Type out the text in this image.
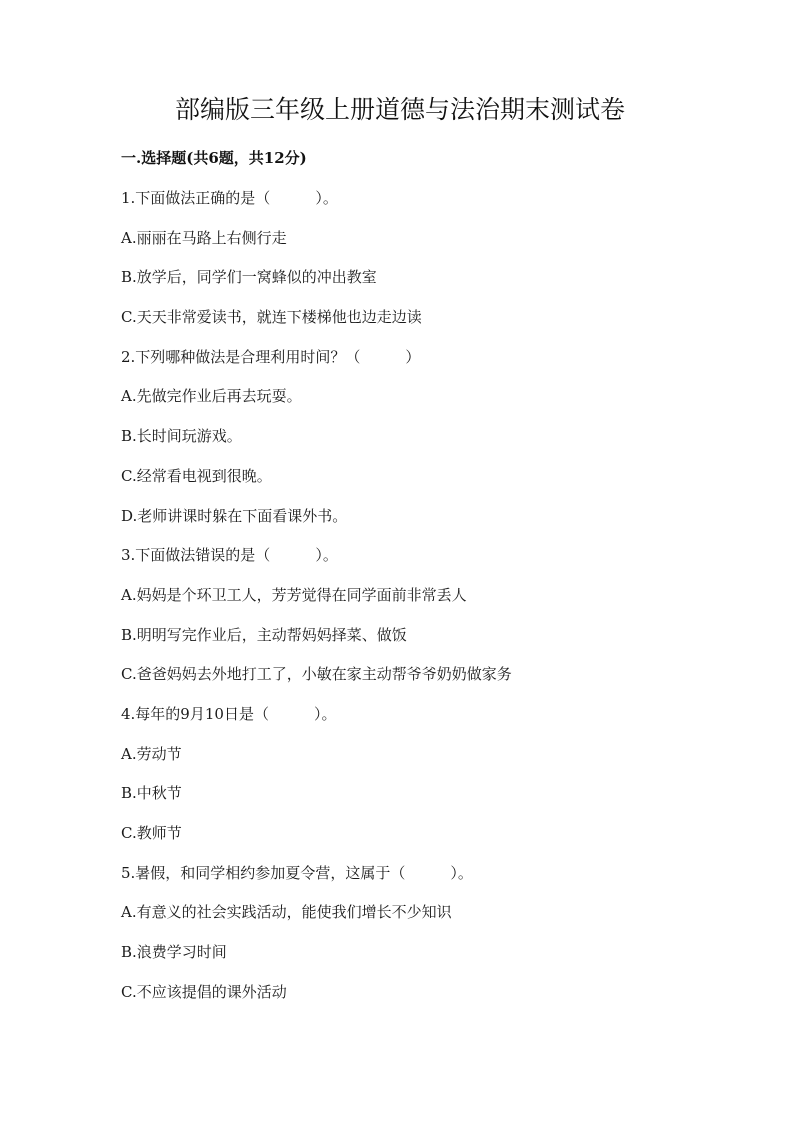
部编版三年级上册道德与法治期末测试卷
一.选择题(共6题，共12分)
1.下面做法正确的是（　　　）。
A.丽丽在马路上右侧行走
B.放学后，同学们一窝蜂似的冲出教室
C.天天非常爱读书，就连下楼梯他也边走边读
2.下列哪种做法是合理利用时间？（　　　）
A.先做完作业后再去玩耍。
B.长时间玩游戏。
C.经常看电视到很晚。
D.老师讲课时躲在下面看课外书。
3.下面做法错误的是（　　　）。
A.妈妈是个环卫工人，芳芳觉得在同学面前非常丢人
B.明明写完作业后，主动帮妈妈择菜、做饭
C.爸爸妈妈去外地打工了，小敏在家主动帮爷爷奶奶做家务
4.每年的9月10日是（　　　）。
A.劳动节
B.中秋节
C.教师节
5.暑假，和同学相约参加夏令营，这属于（　　　）。
A.有意义的社会实践活动，能使我们增长不少知识
B.浪费学习时间
C.不应该提倡的课外活动
